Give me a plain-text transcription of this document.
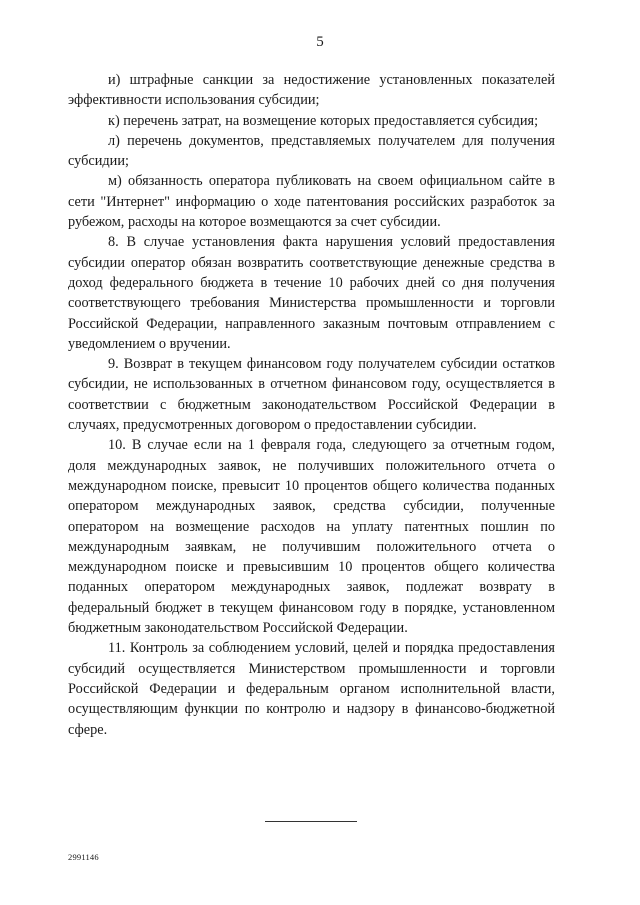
5

и) штрафные санкции за недостижение установленных показателей эффективности использования субсидии;

к) перечень затрат, на возмещение которых предоставляется субсидия;

л) перечень документов, представляемых получателем для получения субсидии;

м) обязанность оператора публиковать на своем официальном сайте в сети "Интернет" информацию о ходе патентования российских разработок за рубежом, расходы на которое возмещаются за счет субсидии.

8. В случае установления факта нарушения условий предоставления субсидии оператор обязан возвратить соответствующие денежные средства в доход федерального бюджета в течение 10 рабочих дней со дня получения соответствующего требования Министерства промышленности и торговли Российской Федерации, направленного заказным почтовым отправлением с уведомлением о вручении.

9. Возврат в текущем финансовом году получателем субсидии остатков субсидии, не использованных в отчетном финансовом году, осуществляется в соответствии с бюджетным законодательством Российской Федерации в случаях, предусмотренных договором о предоставлении субсидии.

10. В случае если на 1 февраля года, следующего за отчетным годом, доля международных заявок, не получивших положительного отчета о международном поиске, превысит 10 процентов общего количества поданных оператором международных заявок, средства субсидии, полученные оператором на возмещение расходов на уплату патентных пошлин по международным заявкам, не получившим положительного отчета о международном поиске и превысившим 10 процентов общего количества поданных оператором международных заявок, подлежат возврату в федеральный бюджет в текущем финансовом году в порядке, установленном бюджетным законодательством Российской Федерации.

11. Контроль за соблюдением условий, целей и порядка предоставления субсидий осуществляется Министерством промышленности и торговли Российской Федерации и федеральным органом исполнительной власти, осуществляющим функции по контролю и надзору в финансово-бюджетной сфере.

2991146
